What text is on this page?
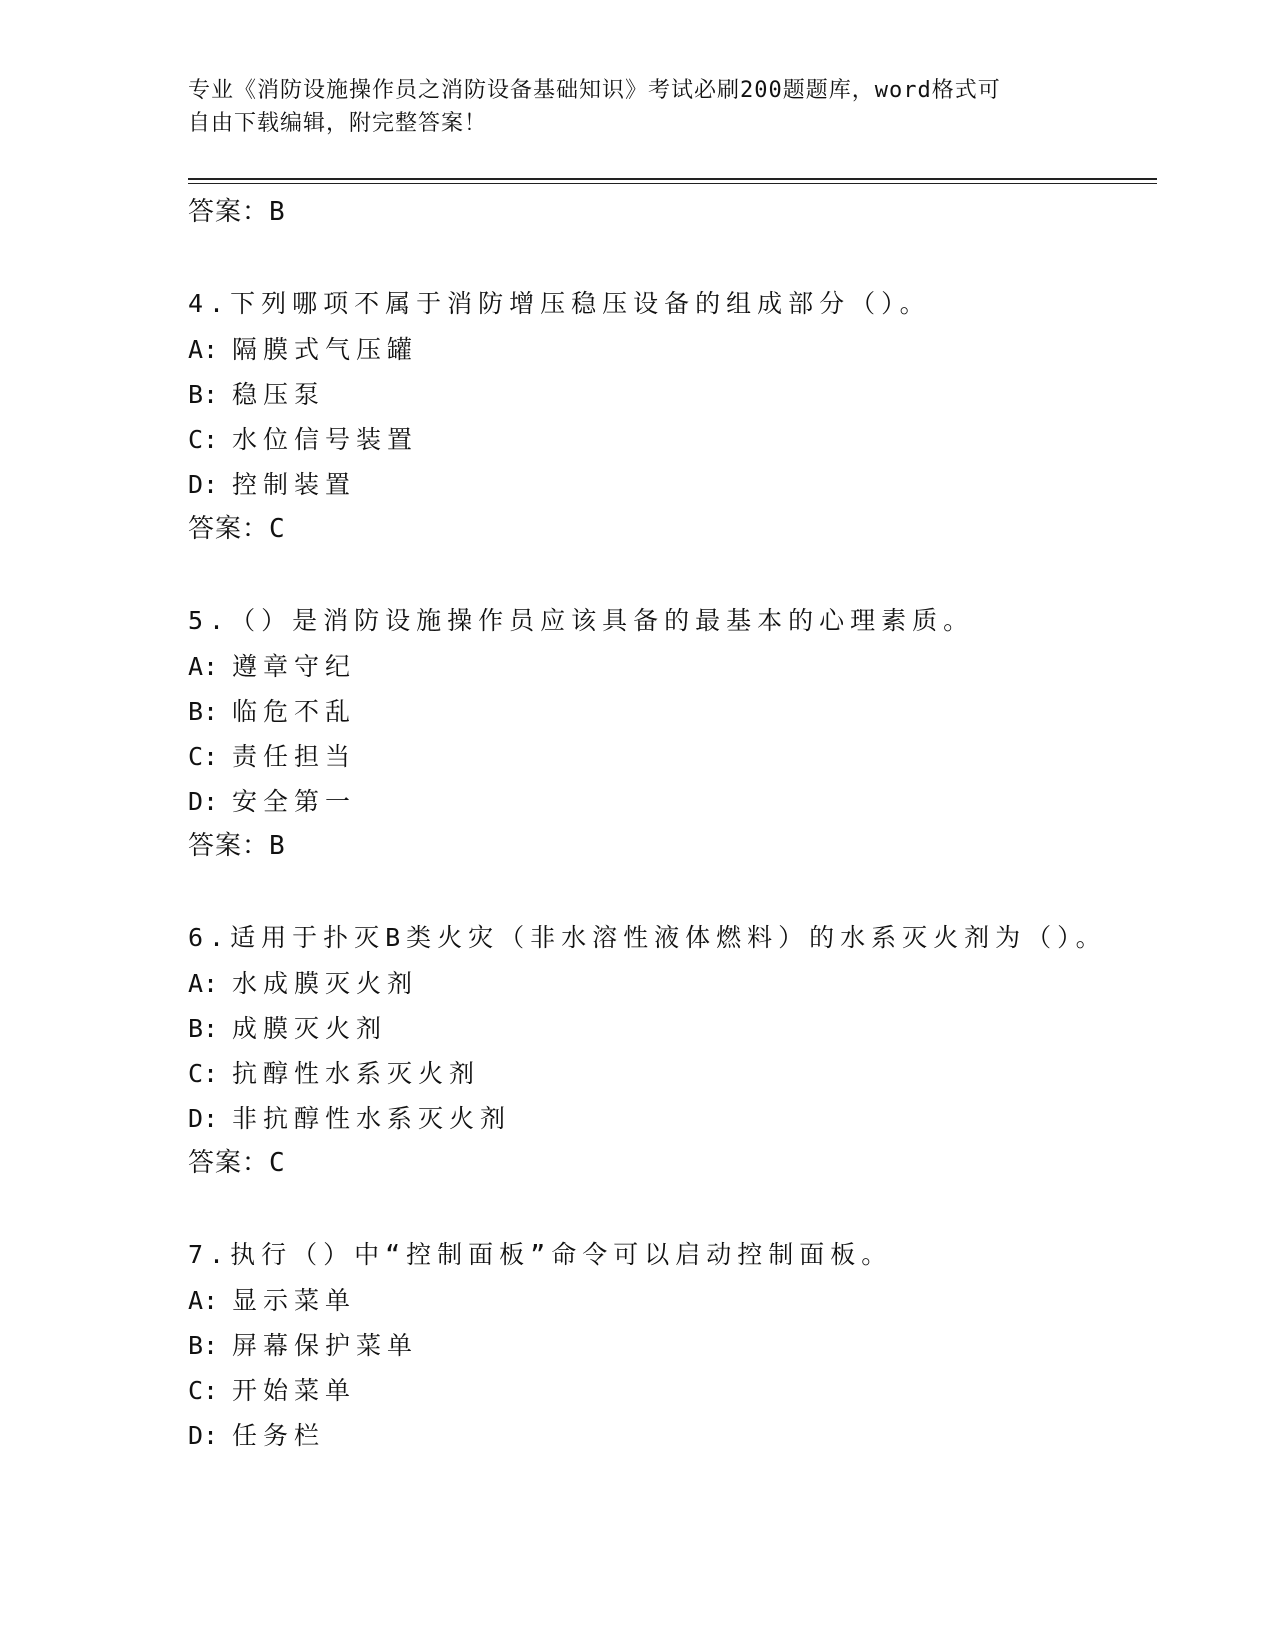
专业《消防设施操作员之消防设备基础知识》考试必刷200题题库，word格式可
自由下载编辑，附完整答案！
答案：B
4.下列哪项不属于消防增压稳压设备的组成部分（）。
A: 隔膜式气压罐
B: 稳压泵
C: 水位信号装置
D: 控制装置
答案：C
5.（）是消防设施操作员应该具备的最基本的心理素质。
A: 遵章守纪
B: 临危不乱
C: 责任担当
D: 安全第一
答案：B
6.适用于扑灭B类火灾（非水溶性液体燃料）的水系灭火剂为（）。
A: 水成膜灭火剂
B: 成膜灭火剂
C: 抗醇性水系灭火剂
D: 非抗醇性水系灭火剂
答案：C
7.执行（）中“控制面板”命令可以启动控制面板。
A: 显示菜单
B: 屏幕保护菜单
C: 开始菜单
D: 任务栏
